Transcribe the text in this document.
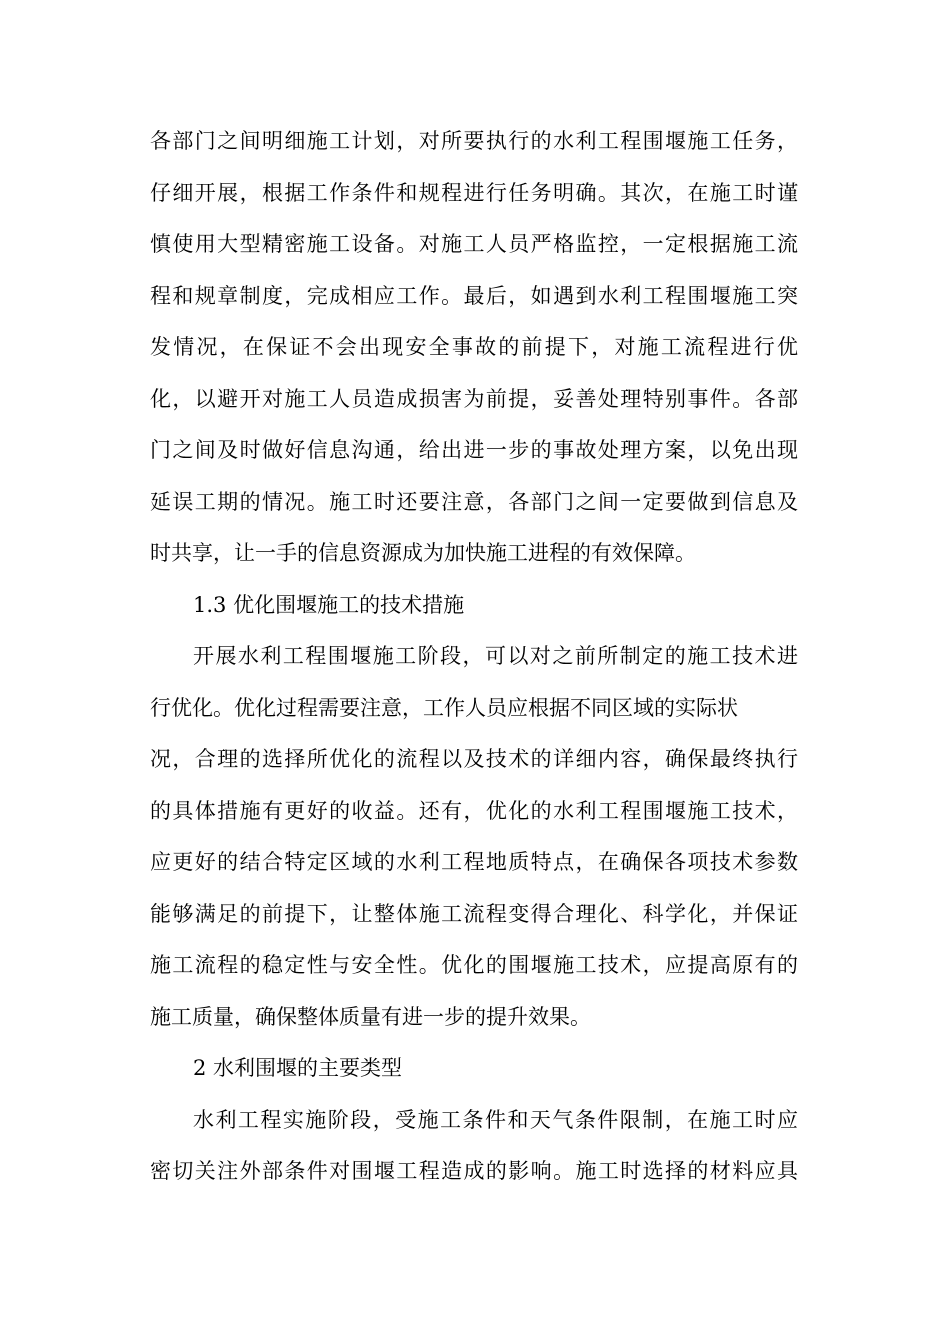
各部门之间明细施工计划，对所要执行的水利工程围堰施工任务，
仔细开展，根据工作条件和规程进行任务明确。其次，在施工时谨
慎使用大型精密施工设备。对施工人员严格监控，一定根据施工流
程和规章制度，完成相应工作。最后，如遇到水利工程围堰施工突
发情况，在保证不会出现安全事故的前提下，对施工流程进行优
化，以避开对施工人员造成损害为前提，妥善处理特别事件。各部
门之间及时做好信息沟通，给出进一步的事故处理方案，以免出现
延误工期的情况。施工时还要注意，各部门之间一定要做到信息及
时共享，让一手的信息资源成为加快施工进程的有效保障。
1.3 优化围堰施工的技术措施
开展水利工程围堰施工阶段，可以对之前所制定的施工技术进
行优化。优化过程需要注意，工作人员应根据不同区域的实际状
况，合理的选择所优化的流程以及技术的详细内容，确保最终执行
的具体措施有更好的收益。还有，优化的水利工程围堰施工技术，
应更好的结合特定区域的水利工程地质特点，在确保各项技术参数
能够满足的前提下，让整体施工流程变得合理化、科学化，并保证
施工流程的稳定性与安全性。优化的围堰施工技术，应提高原有的
施工质量，确保整体质量有进一步的提升效果。
2 水利围堰的主要类型
水利工程实施阶段，受施工条件和天气条件限制，在施工时应
密切关注外部条件对围堰工程造成的影响。施工时选择的材料应具
